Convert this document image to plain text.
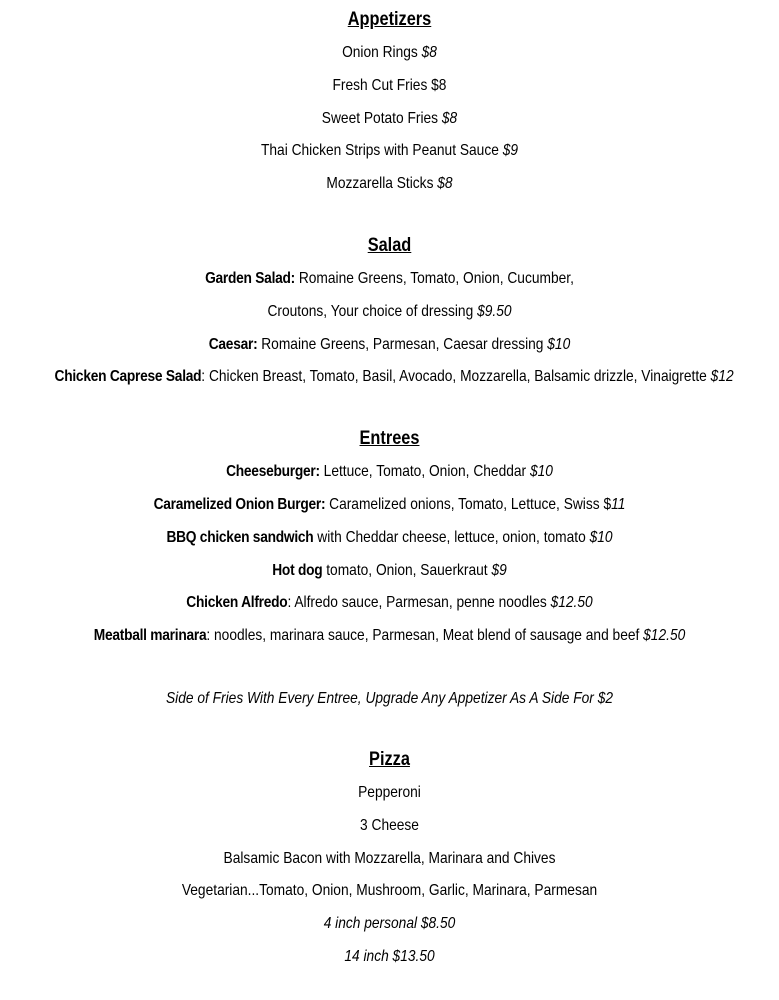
Appetizers
Onion Rings $8
Fresh Cut Fries $8
Sweet Potato Fries $8
Thai Chicken Strips with Peanut Sauce $9
Mozzarella Sticks $8
Salad
Garden Salad: Romaine Greens, Tomato, Onion, Cucumber,
Croutons, Your choice of dressing $9.50
Caesar: Romaine Greens, Parmesan, Caesar dressing $10
Chicken Caprese Salad: Chicken Breast, Tomato, Basil, Avocado, Mozzarella, Balsamic drizzle, Vinaigrette $12
Entrees
Cheeseburger: Lettuce, Tomato, Onion, Cheddar $10
Caramelized Onion Burger: Caramelized onions, Tomato, Lettuce, Swiss $11
BBQ chicken sandwich with Cheddar cheese, lettuce, onion, tomato $10
Hot dog tomato, Onion, Sauerkraut $9
Chicken Alfredo: Alfredo sauce, Parmesan, penne noodles $12.50
Meatball marinara: noodles, marinara sauce, Parmesan, Meat blend of sausage and beef $12.50
Side of Fries With Every Entree, Upgrade Any Appetizer As A Side For $2
Pizza
Pepperoni
3 Cheese
Balsamic Bacon with Mozzarella, Marinara and Chives
Vegetarian...Tomato, Onion, Mushroom, Garlic, Marinara, Parmesan
4 inch personal $8.50
14 inch $13.50
